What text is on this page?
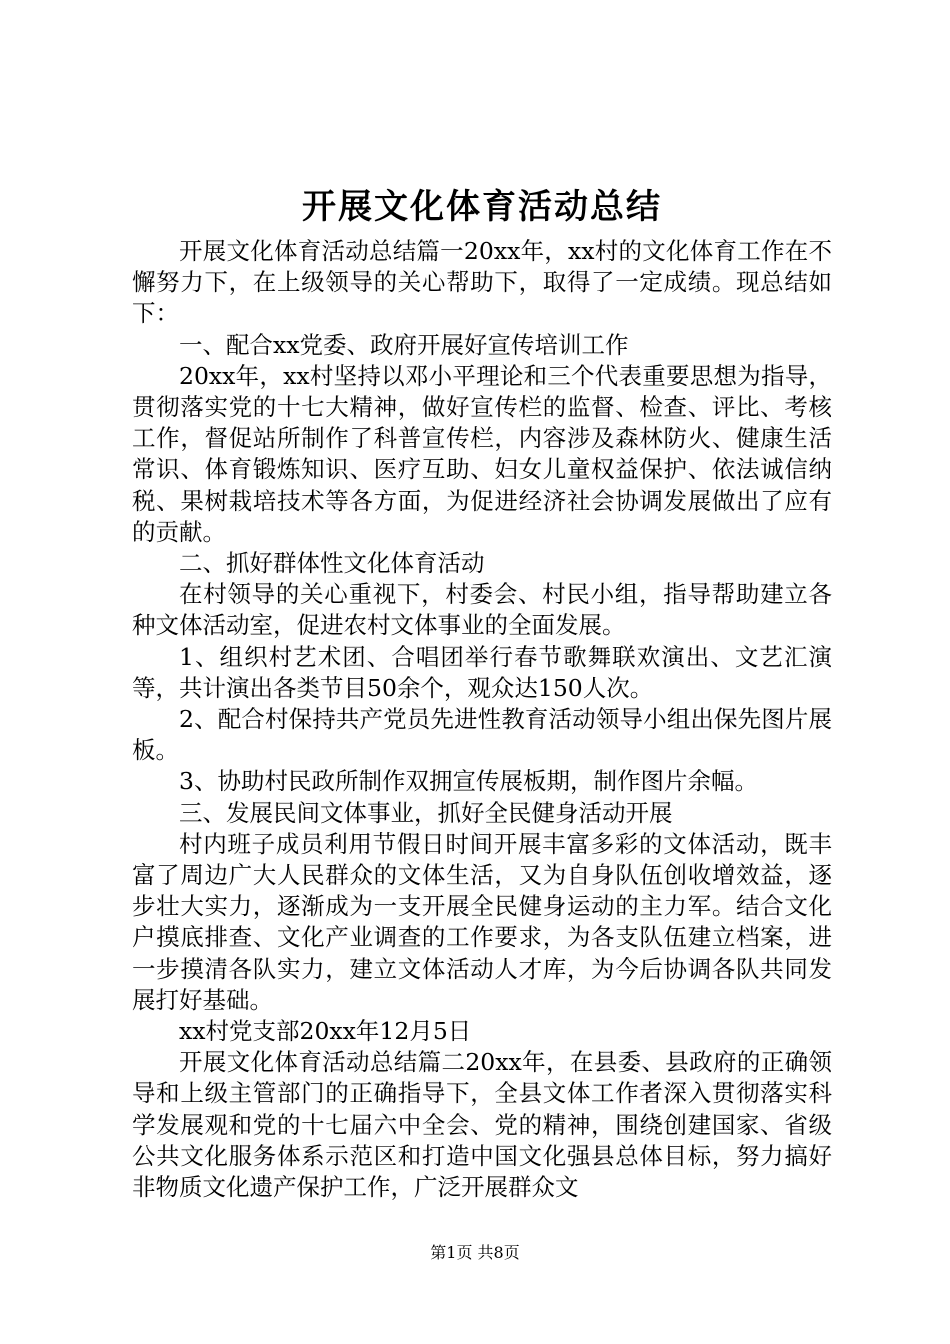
开展文化体育活动总结

开展文化体育活动总结篇一20xx年，xx村的文化体育工作在不懈努力下，在上级领导的关心帮助下，取得了一定成绩。现总结如下：

一、配合xx党委、政府开展好宣传培训工作

20xx年，xx村坚持以邓小平理论和三个代表重要思想为指导，贯彻落实党的十七大精神，做好宣传栏的监督、检查、评比、考核工作，督促站所制作了科普宣传栏，内容涉及森林防火、健康生活常识、体育锻炼知识、医疗互助、妇女儿童权益保护、依法诚信纳税、果树栽培技术等各方面，为促进经济社会协调发展做出了应有的贡献。

二、抓好群体性文化体育活动

在村领导的关心重视下，村委会、村民小组，指导帮助建立各种文体活动室，促进农村文体事业的全面发展。

1、组织村艺术团、合唱团举行春节歌舞联欢演出、文艺汇演等，共计演出各类节目50余个，观众达150人次。

2、配合村保持共产党员先进性教育活动领导小组出保先图片展板。

3、协助村民政所制作双拥宣传展板期，制作图片余幅。

三、发展民间文体事业，抓好全民健身活动开展

村内班子成员利用节假日时间开展丰富多彩的文体活动，既丰富了周边广大人民群众的文体生活，又为自身队伍创收增效益，逐步壮大实力，逐渐成为一支开展全民健身运动的主力军。结合文化户摸底排查、文化产业调查的工作要求，为各支队伍建立档案，进一步摸清各队实力，建立文体活动人才库，为今后协调各队共同发展打好基础。

xx村党支部20xx年12月5日

开展文化体育活动总结篇二20xx年，在县委、县政府的正确领导和上级主管部门的正确指导下，全县文体工作者深入贯彻落实科学发展观和党的十七届六中全会、党的精神，围绕创建国家、省级公共文化服务体系示范区和打造中国文化强县总体目标，努力搞好非物质文化遗产保护工作，广泛开展群众文

第1页 共8页
